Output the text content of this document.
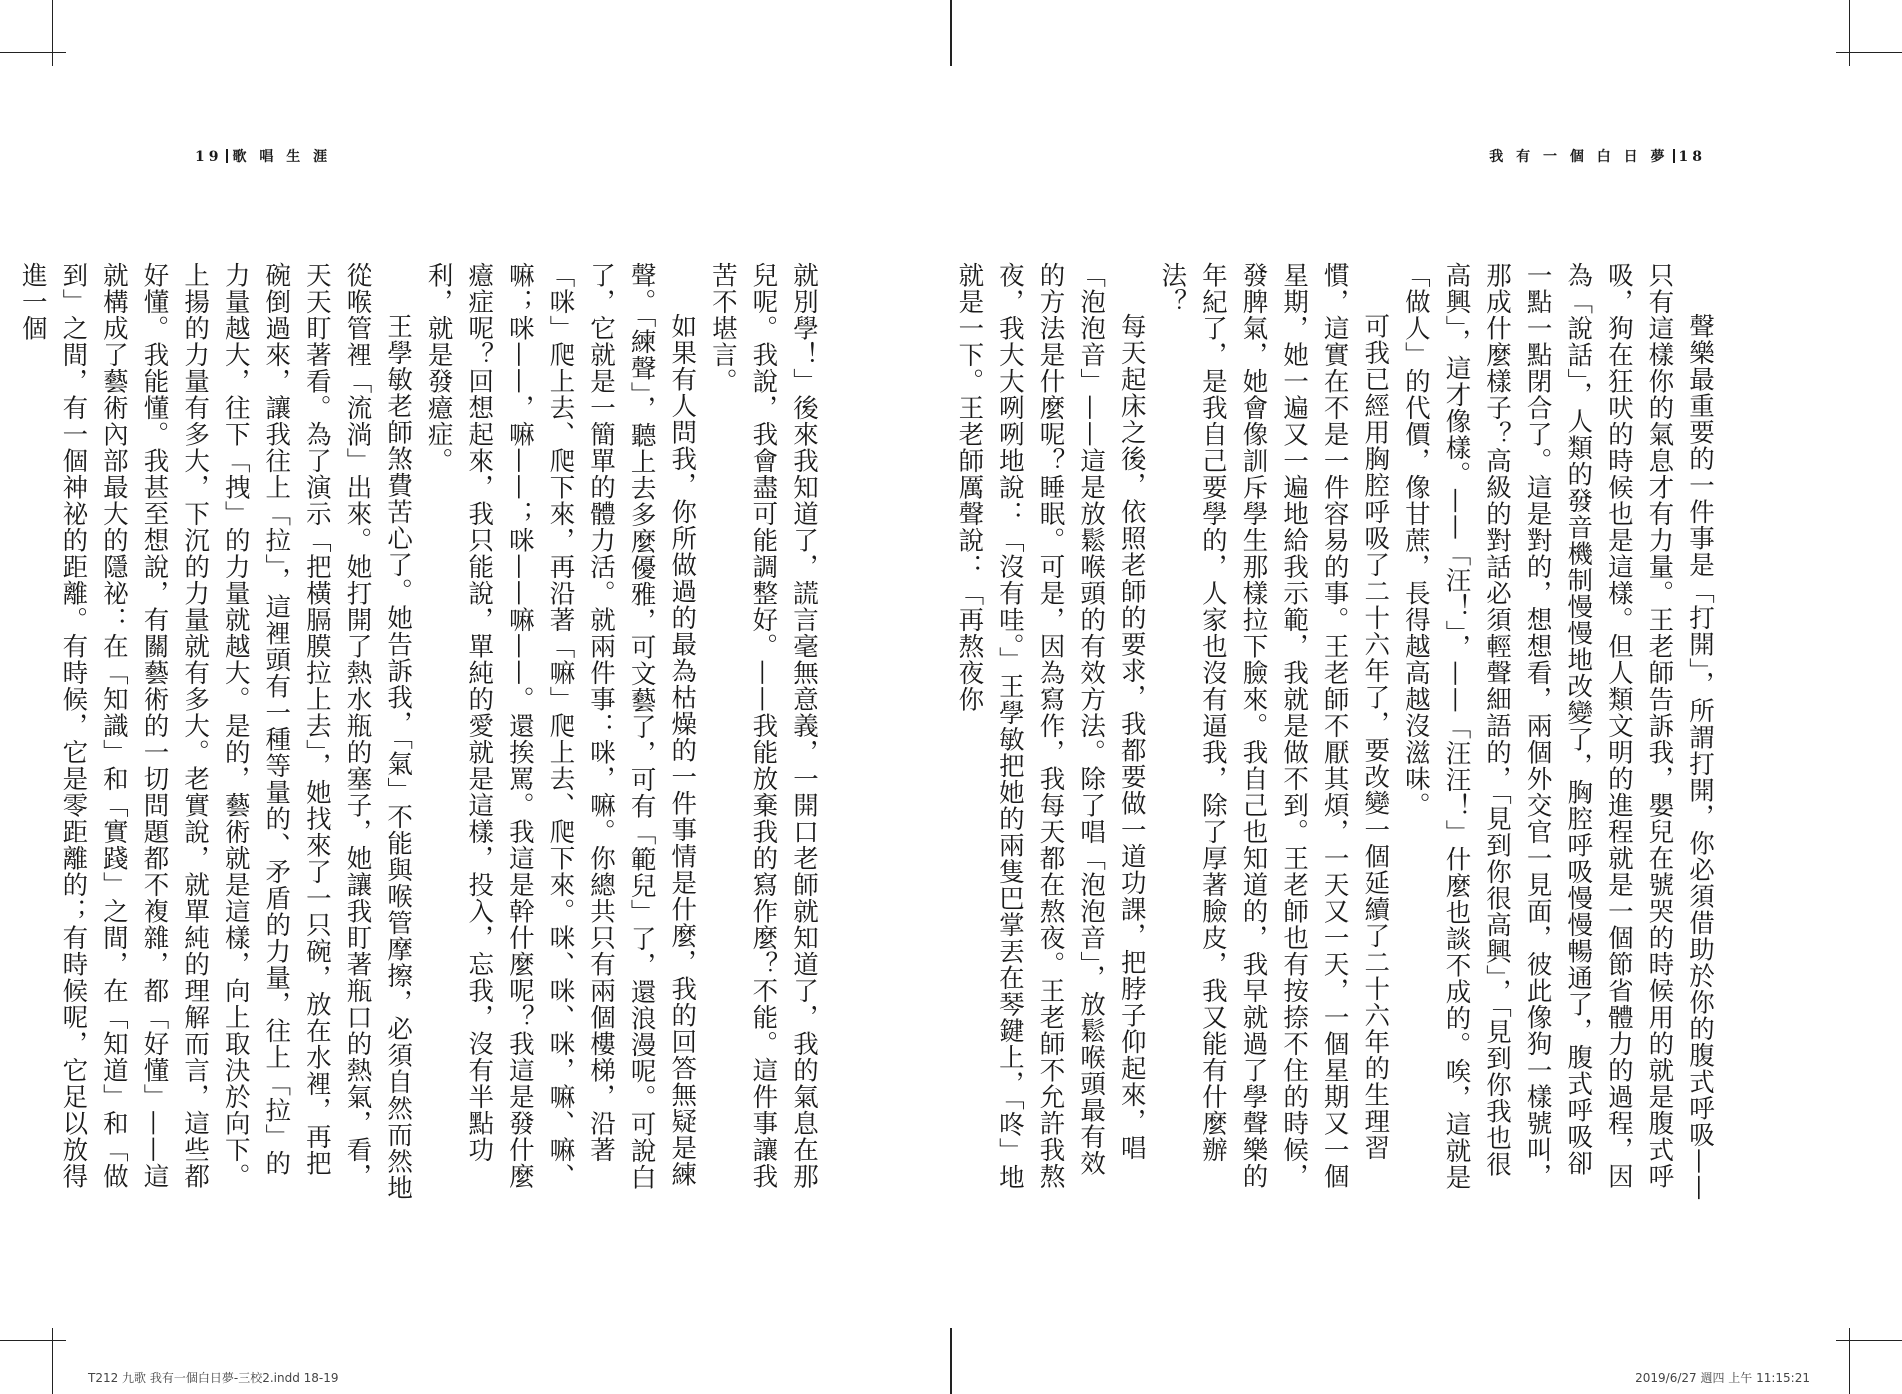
19 歌 唱 生 涯	我 有 一 個 白 日 夢 18

聲樂最重要的一件事是「打開」，所謂打開，你必須借助於你的腹式呼吸——只有這樣你的氣息才有力量。王老師告訴我，嬰兒在號哭的時候用的就是腹式呼吸，狗在狂吠的時候也是這樣。但人類文明的進程就是一個節省體力的過程，因為「說話」，人類的發音機制慢慢地改變了，胸腔呼吸慢慢暢通了，腹式呼吸卻一點一點閉合了。這是對的，想想看，兩個外交官一見面，彼此像狗一樣號叫，那成什麼樣子？高級的對話必須輕聲細語的，「見到你很高興」，「見到你我也很高興」，這才像樣。——「汪！」，——「汪汪！」什麼也談不成的。唉，這就是「做人」的代價，像甘蔗，長得越高越沒滋味。

可我已經用胸腔呼吸了二十六年了，要改變一個延續了二十六年的生理習慣，這實在不是一件容易的事。王老師不厭其煩，一天又一天，一個星期又一個星期，她一遍又一遍地給我示範，我就是做不到。王老師也有按捺不住的時候，發脾氣，她會像訓斥學生那樣拉下臉來。我自己也知道的，我早就過了學聲樂的年紀了，是我自己要學的，人家也沒有逼我，除了厚著臉皮，我又能有什麼辦法？

每天起床之後，依照老師的要求，我都要做一道功課，把脖子仰起來，唱「泡泡音」——這是放鬆喉頭的有效方法。除了唱「泡泡音」，放鬆喉頭最有效的方法是什麼呢？睡眠。可是，因為寫作，我每天都在熬夜。王老師不允許我熬夜，我大大咧咧地說：「沒有哇。」王學敏把她的兩隻巴掌丟在琴鍵上，「咚」地就是一下。王老師厲聲說：「再熬夜你

就別學！」後來我知道了，謊言毫無意義，一開口老師就知道了，我的氣息在那兒呢。我說，我會盡可能調整好。——我能放棄我的寫作麼？不能。這件事讓我苦不堪言。

如果有人問我，你所做過的最為枯燥的一件事情是什麼，我的回答無疑是練聲。「練聲」，聽上去多麼優雅，可文藝了，可有「範兒」了，還浪漫呢。可說白了，它就是一簡單的體力活。就兩件事：咪，嘛。你總共只有兩個樓梯，沿著「咪」爬上去、爬下來，再沿著「嘛」爬上去、爬下來。咪、咪、咪，嘛、嘛、嘛；咪——，嘛——；咪——嘛——。還挨罵。我這是幹什麼呢？我這是發什麼癔症呢？回想起來，我只能說，單純的愛就是這樣，投入，忘我，沒有半點功利，就是發癔症。

王學敏老師煞費苦心了。她告訴我，「氣」不能與喉管摩擦，必須自然而然地從喉管裡「流淌」出來。她打開了熱水瓶的塞子，她讓我盯著瓶口的熱氣，看，天天盯著看。為了演示「把橫膈膜拉上去」，她找來了一只碗，放在水裡，再把碗倒過來，讓我往上「拉」，這裡頭有一種等量的、矛盾的力量，往上「拉」的力量越大，往下「拽」的力量就越大。是的，藝術就是這樣，向上取決於向下。上揚的力量有多大，下沉的力量就有多大。老實說，就單純的理解而言，這些都好懂。我能懂。我甚至想說，有關藝術的一切問題都不複雜，都「好懂」——這就構成了藝術內部最大的隱祕：在「知識」和「實踐」之間，在「知道」和「做到」之間，有一個神祕的距離。有時候，它是零距離的；有時候呢，它足以放得進一個

T212 九歌 我有一個白日夢-三校2.indd 18-19	2019/6/27 週四 上午 11:15:21
